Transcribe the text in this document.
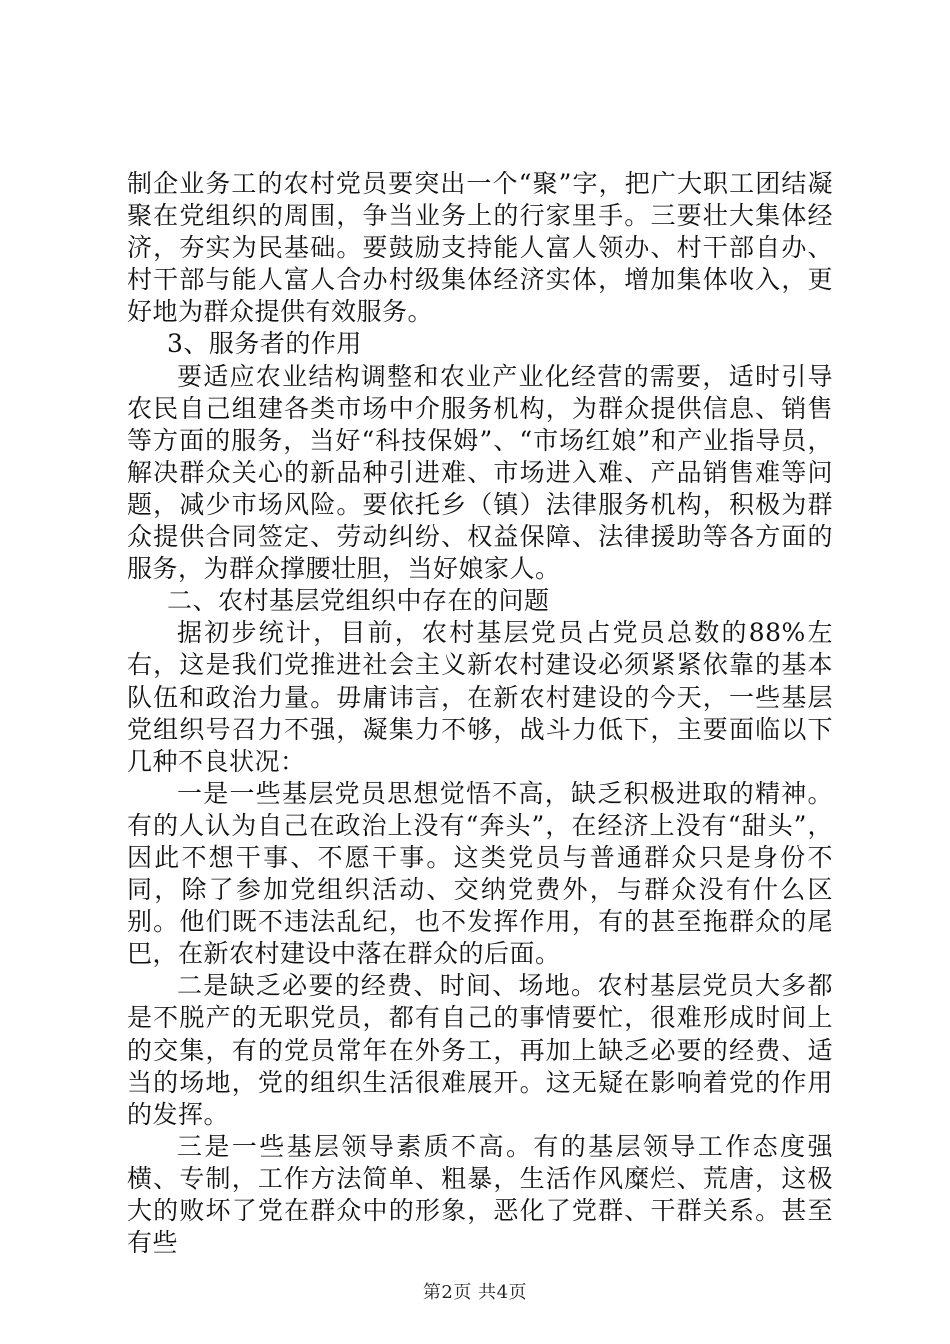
制企业务工的农村党员要突出一个“聚”字，把广大职工团结凝聚在党组织的周围，争当业务上的行家里手。三要壮大集体经济，夯实为民基础。要鼓励支持能人富人领办、村干部自办、村干部与能人富人合办村级集体经济实体，增加集体收入，更好地为群众提供有效服务。

3、服务者的作用

要适应农业结构调整和农业产业化经营的需要，适时引导农民自己组建各类市场中介服务机构，为群众提供信息、销售等方面的服务，当好“科技保姆”、“市场红娘”和产业指导员，解决群众关心的新品种引进难、市场进入难、产品销售难等问题，减少市场风险。要依托乡（镇）法律服务机构，积极为群众提供合同签定、劳动纠纷、权益保障、法律援助等各方面的服务，为群众撑腰壮胆，当好娘家人。

二、农村基层党组织中存在的问题

据初步统计，目前，农村基层党员占党员总数的88%左右，这是我们党推进社会主义新农村建设必须紧紧依靠的基本队伍和政治力量。毋庸讳言，在新农村建设的今天，一些基层党组织号召力不强，凝集力不够，战斗力低下，主要面临以下几种不良状况：

一是一些基层党员思想觉悟不高，缺乏积极进取的精神。有的人认为自己在政治上没有“奔头”，在经济上没有“甜头”，因此不想干事、不愿干事。这类党员与普通群众只是身份不同，除了参加党组织活动、交纳党费外，与群众没有什么区别。他们既不违法乱纪，也不发挥作用，有的甚至拖群众的尾巴，在新农村建设中落在群众的后面。

二是缺乏必要的经费、时间、场地。农村基层党员大多都是不脱产的无职党员，都有自己的事情要忙，很难形成时间上的交集，有的党员常年在外务工，再加上缺乏必要的经费、适当的场地，党的组织生活很难展开。这无疑在影响着党的作用的发挥。

三是一些基层领导素质不高。有的基层领导工作态度强横、专制，工作方法简单、粗暴，生活作风糜烂、荒唐，这极大的败坏了党在群众中的形象，恶化了党群、干群关系。甚至有些

第2页 共4页
